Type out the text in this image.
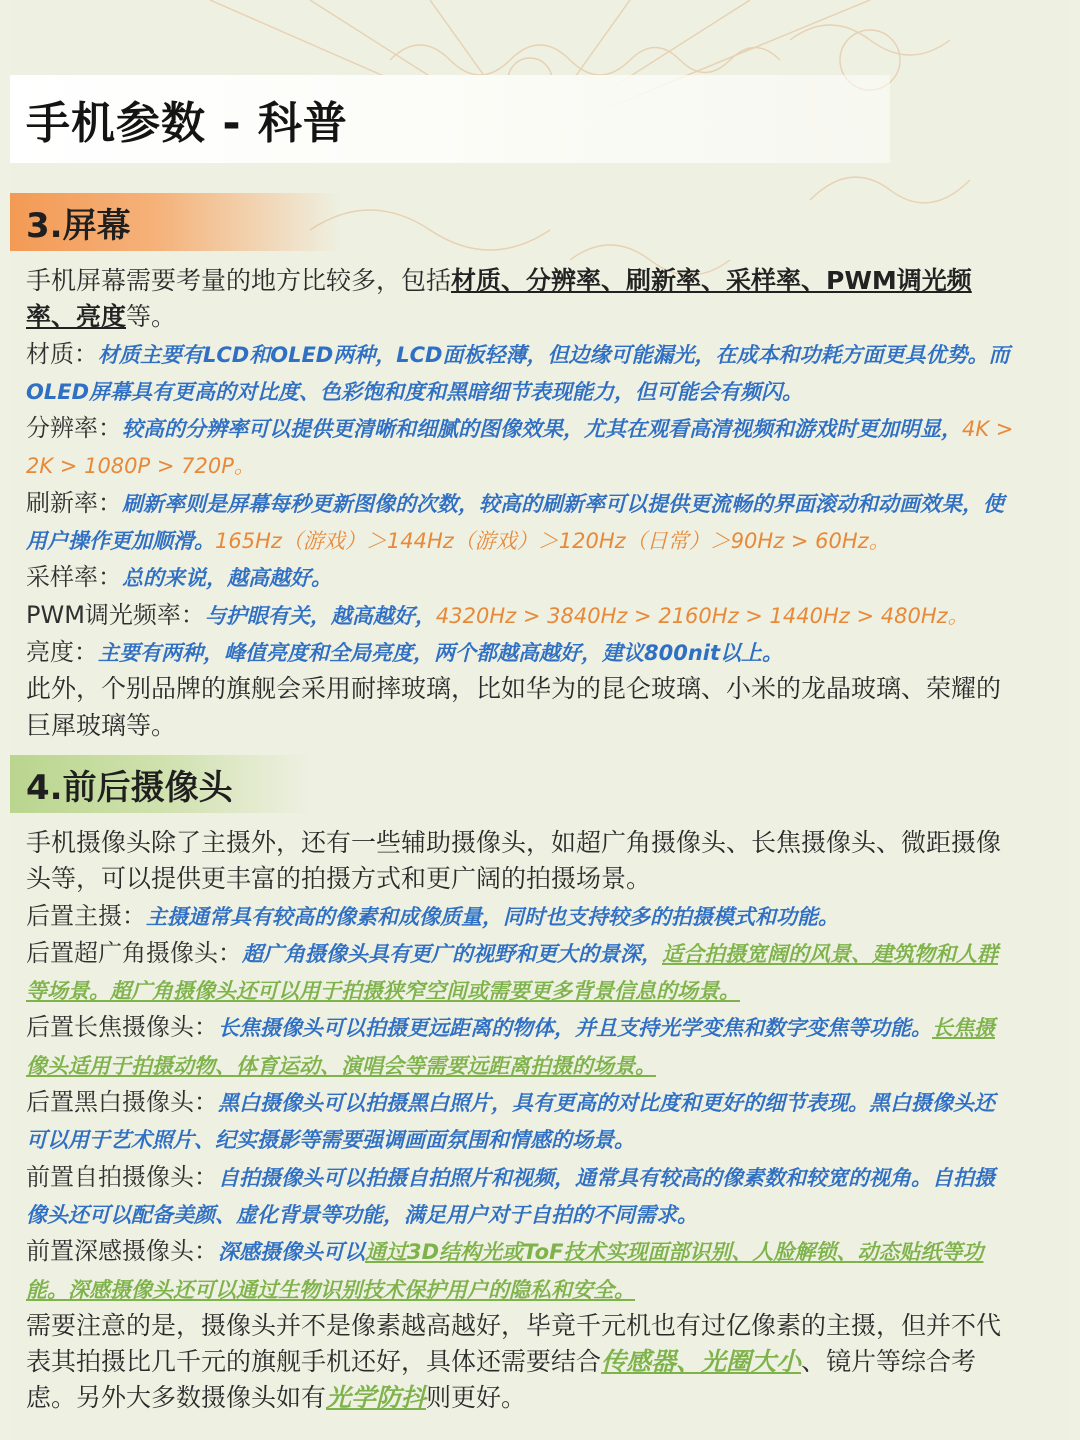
手机参数 - 科普
3.屏幕

手机屏幕需要考量的地方比较多，包括材质、分辨率、刷新率、采样率、PWM调光频

率、亮度等。

材质：材质主要有LCD和OLED两种，LCD面板轻薄，但边缘可能漏光，在成本和功耗方面更具优势。而

OLED屏幕具有更高的对比度、色彩饱和度和黑暗细节表现能力，但可能会有频闪。

分辨率：较高的分辨率可以提供更清晰和细腻的图像效果，尤其在观看高清视频和游戏时更加明显，4K >

2K > 1080P > 720P。

刷新率：刷新率则是屏幕每秒更新图像的次数，较高的刷新率可以提供更流畅的界面滚动和动画效果，使

用户操作更加顺滑。165Hz（游戏）＞144Hz（游戏）＞120Hz（日常）＞90Hz > 60Hz。

采样率：总的来说，越高越好。

PWM调光频率：与护眼有关，越高越好，4320Hz > 3840Hz > 2160Hz > 1440Hz > 480Hz。

亮度：主要有两种，峰值亮度和全局亮度，两个都越高越好，建议800nit以上。

此外，个别品牌的旗舰会采用耐摔玻璃，比如华为的昆仑玻璃、小米的龙晶玻璃、荣耀的

巨犀玻璃等。

4.前后摄像头

手机摄像头除了主摄外，还有一些辅助摄像头，如超广角摄像头、长焦摄像头、微距摄像

头等，可以提供更丰富的拍摄方式和更广阔的拍摄场景。

后置主摄：主摄通常具有较高的像素和成像质量，同时也支持较多的拍摄模式和功能。

后置超广角摄像头：超广角摄像头具有更广的视野和更大的景深，适合拍摄宽阔的风景、建筑物和人群

等场景。超广角摄像头还可以用于拍摄狭窄空间或需要更多背景信息的场景。

后置长焦摄像头：长焦摄像头可以拍摄更远距离的物体，并且支持光学变焦和数字变焦等功能。长焦摄

像头适用于拍摄动物、体育运动、演唱会等需要远距离拍摄的场景。

后置黑白摄像头：黑白摄像头可以拍摄黑白照片，具有更高的对比度和更好的细节表现。黑白摄像头还

可以用于艺术照片、纪实摄影等需要强调画面氛围和情感的场景。

前置自拍摄像头：自拍摄像头可以拍摄自拍照片和视频，通常具有较高的像素数和较宽的视角。自拍摄

像头还可以配备美颜、虚化背景等功能，满足用户对于自拍的不同需求。

前置深感摄像头：深感摄像头可以通过3D结构光或ToF技术实现面部识别、人脸解锁、动态贴纸等功

能。深感摄像头还可以通过生物识别技术保护用户的隐私和安全。

需要注意的是，摄像头并不是像素越高越好，毕竟千元机也有过亿像素的主摄，但并不代

表其拍摄比几千元的旗舰手机还好，具体还需要结合传感器、光圈大小、镜片等综合考

虑。另外大多数摄像头如有光学防抖则更好。
